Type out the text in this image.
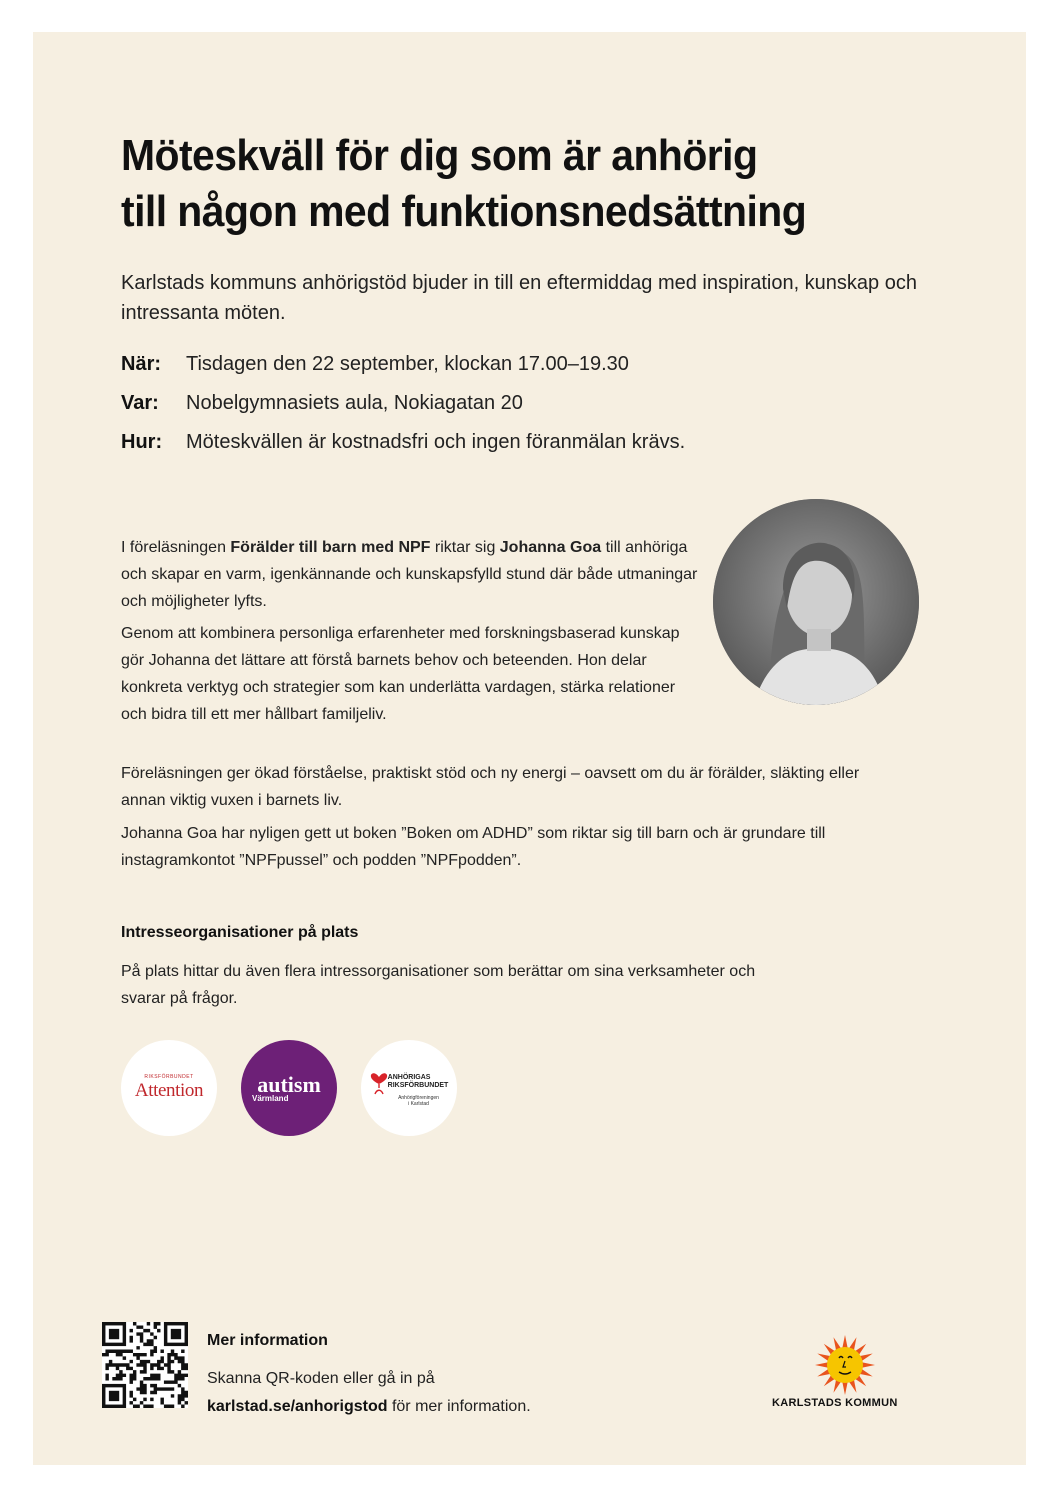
Möteskväll för dig som är anhörig
till någon med funktionsnedsättning
Karlstads kommuns anhörigstöd bjuder in till en eftermiddag med inspiration, kunskap och intressanta möten.
När:	Tisdagen den 22 september, klockan 17.00–19.30
Var:	Nobelgymnasiets aula, Nokiagatan 20
Hur:	Möteskvällen är kostnadsfri och ingen föranmälan krävs.

I föreläsningen Förälder till barn med NPF riktar sig Johanna Goa till anhöriga och skapar en varm, igenkännande och kunskapsfylld stund där både utmaningar och möjligheter lyfts.

Genom att kombinera personliga erfarenheter med forskningsbaserad kunskap gör Johanna det lättare att förstå barnets behov och beteenden. Hon delar konkreta verktyg och strategier som kan underlätta vardagen, stärka relationer och bidra till ett mer hållbart familjeliv.

Föreläsningen ger ökad förståelse, praktiskt stöd och ny energi – oavsett om du är förälder, släkting eller annan viktig vuxen i barnets liv.

Johanna Goa har nyligen gett ut boken ”Boken om ADHD” som riktar sig till barn och är grundare till instagramkontot ”NPFpussel” och podden ”NPFpodden”.

Intresseorganisationer på plats

På plats hittar du även flera intressorganisationer som berättar om sina verksamheter och svarar på frågor.

RIKSFÖRBUNDET
Attention autism
Värmland
ANHÖRIGAS
RIKSFÖRBUNDET
Anhörigföreningen
i Karlstad
Mer information
Skanna QR-koden eller gå in på
karlstad.se/anhorigstod för mer information.	KARLSTADS KOMMUN
